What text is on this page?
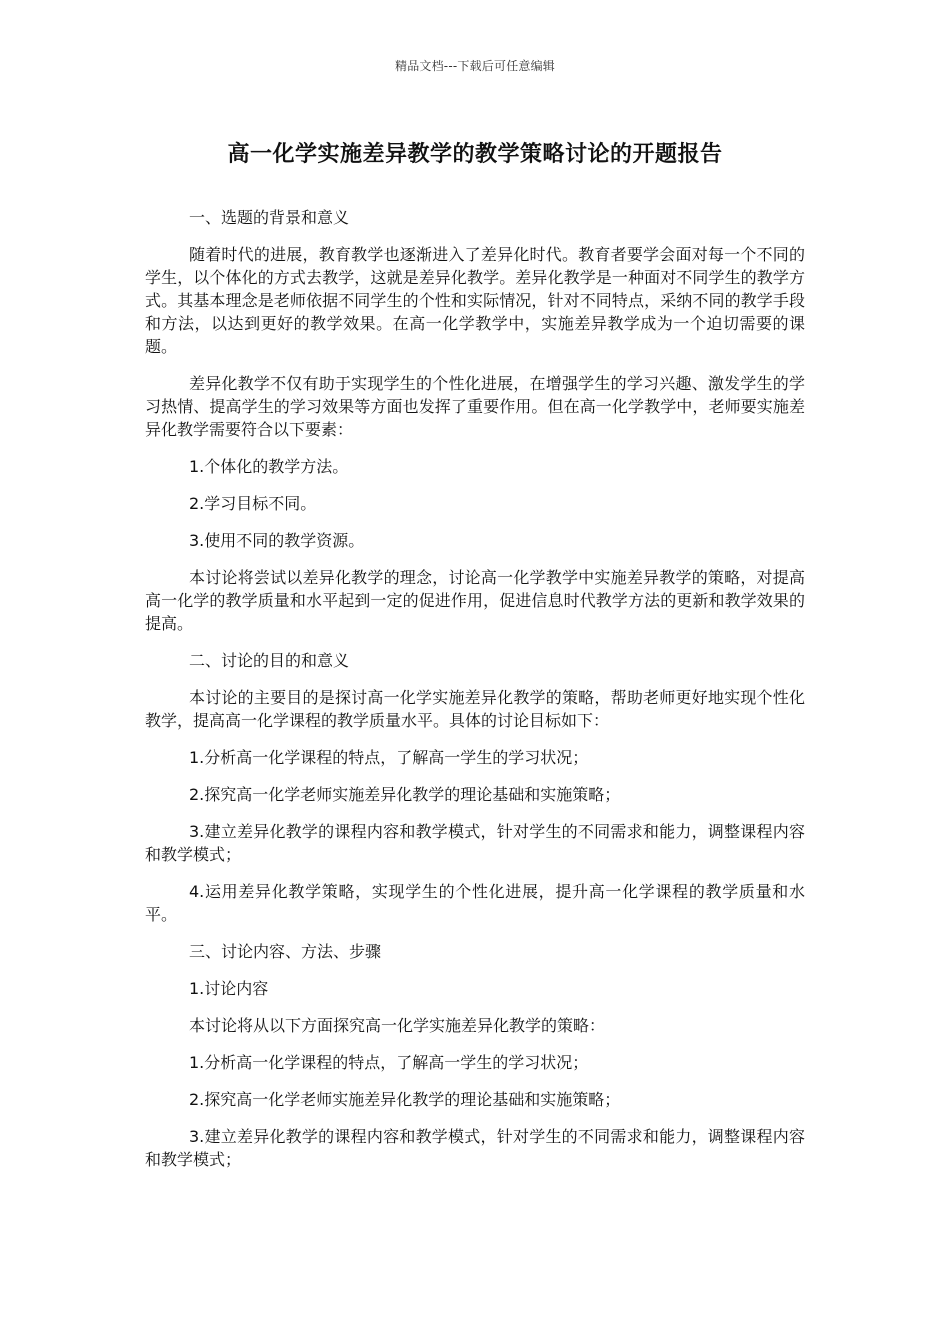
精品文档---下载后可任意编辑
高一化学实施差异教学的教学策略讨论的开题报告

一、选题的背景和意义

随着时代的进展，教育教学也逐渐进入了差异化时代。教育者要学会面对每一个不同的学生，以个体化的方式去教学，这就是差异化教学。差异化教学是一种面对不同学生的教学方式。其基本理念是老师依据不同学生的个性和实际情况，针对不同特点，采纳不同的教学手段和方法，以达到更好的教学效果。在高一化学教学中，实施差异教学成为一个迫切需要的课题。

差异化教学不仅有助于实现学生的个性化进展，在增强学生的学习兴趣、激发学生的学习热情、提高学生的学习效果等方面也发挥了重要作用。但在高一化学教学中，老师要实施差异化教学需要符合以下要素：

1.个体化的教学方法。

2.学习目标不同。

3.使用不同的教学资源。

本讨论将尝试以差异化教学的理念，讨论高一化学教学中实施差异教学的策略，对提高高一化学的教学质量和水平起到一定的促进作用，促进信息时代教学方法的更新和教学效果的提高。

二、讨论的目的和意义

本讨论的主要目的是探讨高一化学实施差异化教学的策略，帮助老师更好地实现个性化教学，提高高一化学课程的教学质量水平。具体的讨论目标如下：

1.分析高一化学课程的特点，了解高一学生的学习状况；

2.探究高一化学老师实施差异化教学的理论基础和实施策略；

3.建立差异化教学的课程内容和教学模式，针对学生的不同需求和能力，调整课程内容和教学模式；

4.运用差异化教学策略，实现学生的个性化进展，提升高一化学课程的教学质量和水平。

三、讨论内容、方法、步骤

1.讨论内容

本讨论将从以下方面探究高一化学实施差异化教学的策略：

1.分析高一化学课程的特点，了解高一学生的学习状况；

2.探究高一化学老师实施差异化教学的理论基础和实施策略；

3.建立差异化教学的课程内容和教学模式，针对学生的不同需求和能力，调整课程内容和教学模式；
